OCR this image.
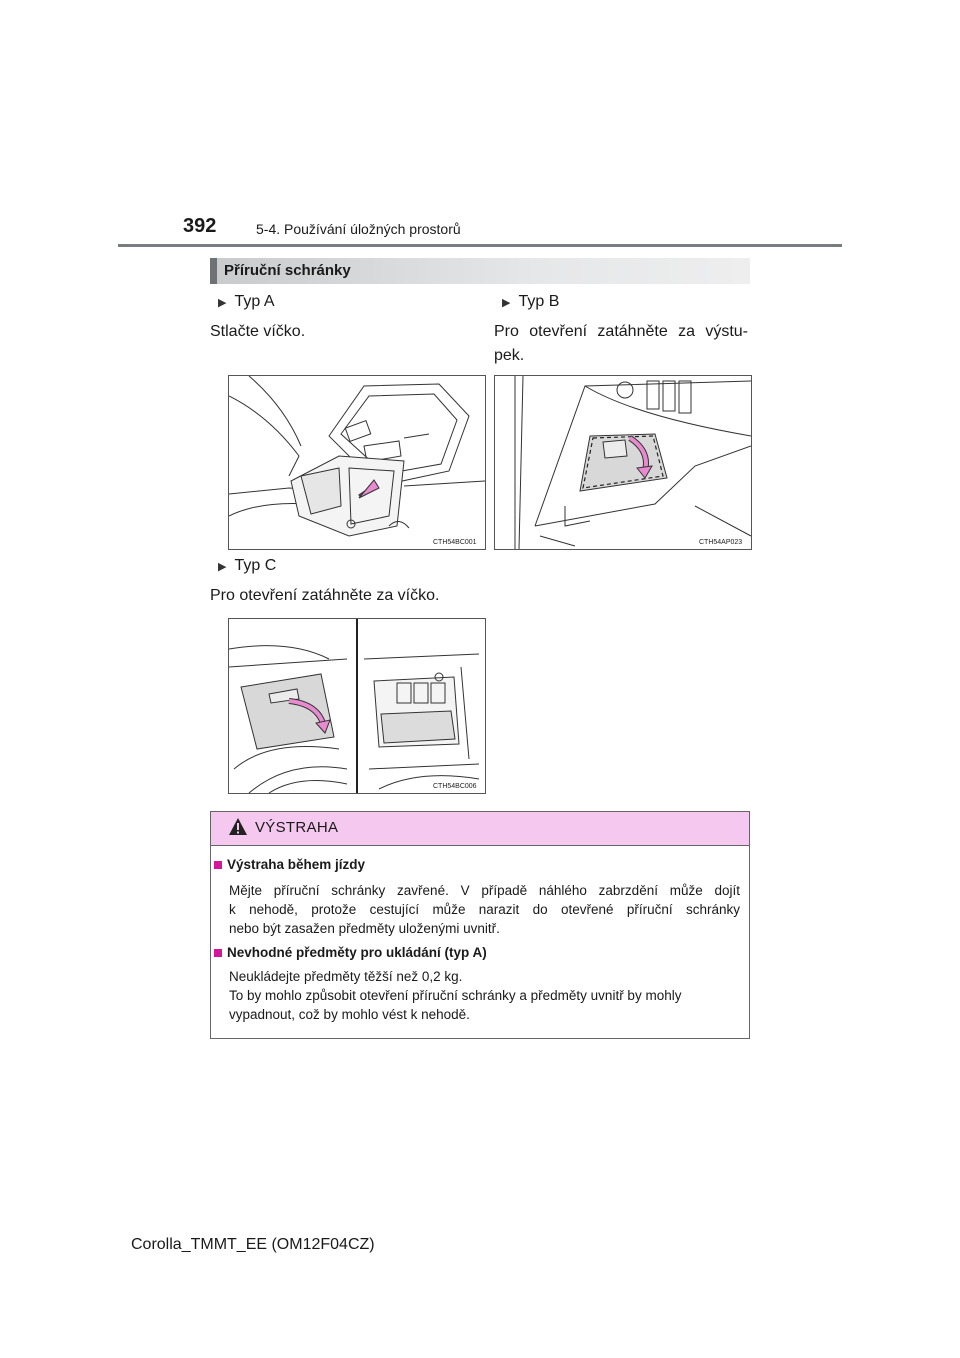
392	5-4. Používání úložných prostorů
Příruční schránky
▶ Typ A
Stlačte víčko.
▶ Typ B
Pro otevření zatáhněte za výstu-
pek.
CTH54BC001	CTH54AP023
▶ Typ C
Pro otevření zatáhněte za víčko.
CTH54BC006
VÝSTRAHA
Výstraha během jízdy
Mějte příruční schránky zavřené. V případě náhlého zabrzdění může dojít
k nehodě, protože cestující může narazit do otevřené příruční schránky
nebo být zasažen předměty uloženými uvnitř.
Nevhodné předměty pro ukládání (typ A)
Neukládejte předměty těžší než 0,2 kg.
To by mohlo způsobit otevření příruční schránky a předměty uvnitř by mohly
vypadnout, což by mohlo vést k nehodě.
Corolla_TMMT_EE (OM12F04CZ)
